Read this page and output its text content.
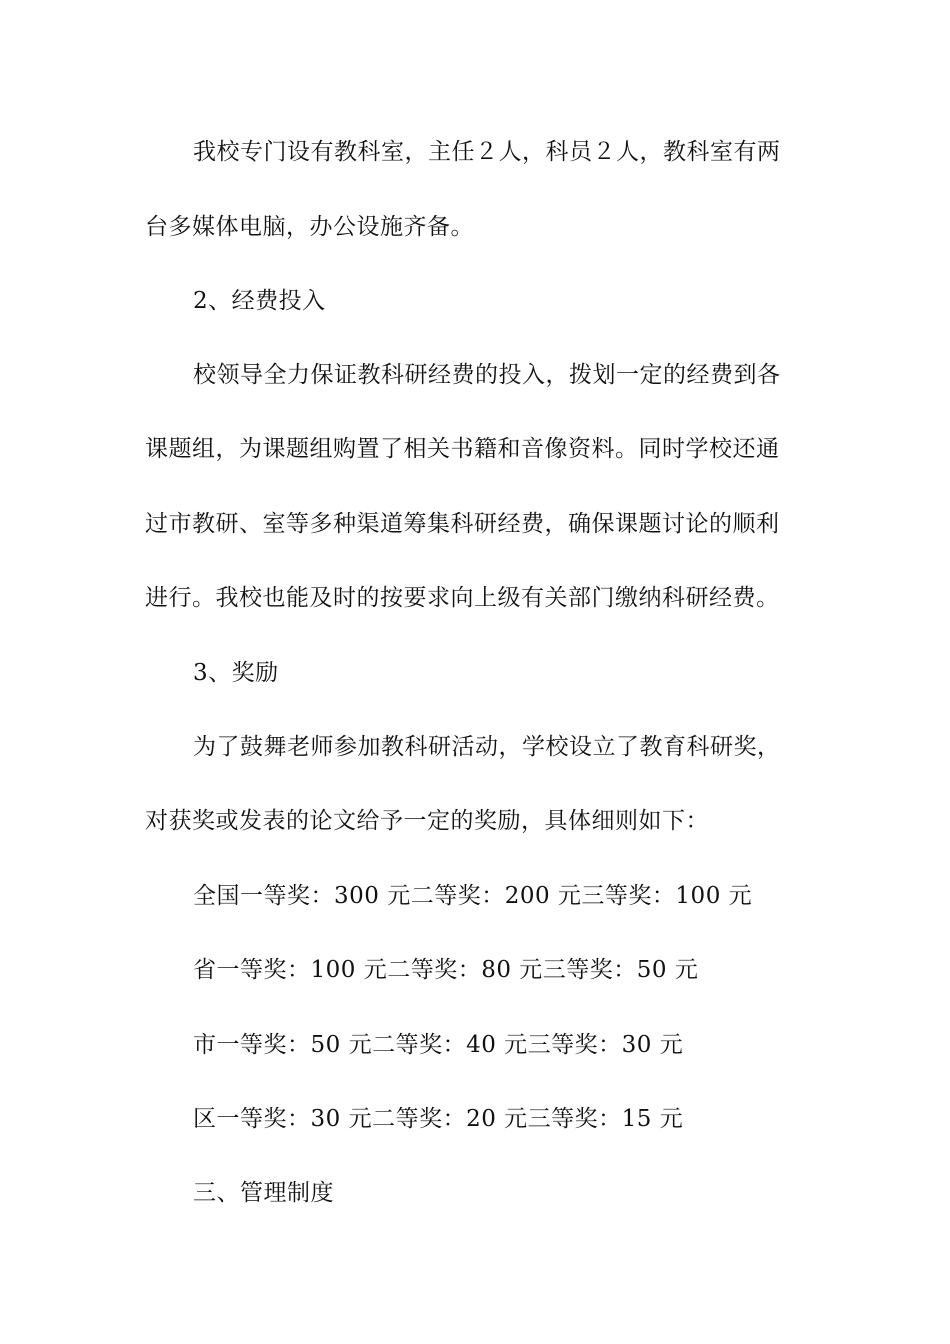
我校专门设有教科室，主任２人，科员２人，教科室有两
台多媒体电脑，办公设施齐备。
2、经费投入
校领导全力保证教科研经费的投入，拨划一定的经费到各
课题组，为课题组购置了相关书籍和音像资料。同时学校还通
过市教研、室等多种渠道筹集科研经费，确保课题讨论的顺利
进行。我校也能及时的按要求向上级有关部门缴纳科研经费。
3、奖励
为了鼓舞老师参加教科研活动，学校设立了教育科研奖，
对获奖或发表的论文给予一定的奖励，具体细则如下：
全国一等奖：300 元二等奖：200 元三等奖：100 元
省一等奖：100 元二等奖：80 元三等奖：50 元
市一等奖：50 元二等奖：40 元三等奖：30 元
区一等奖：30 元二等奖：20 元三等奖：15 元
三、管理制度
